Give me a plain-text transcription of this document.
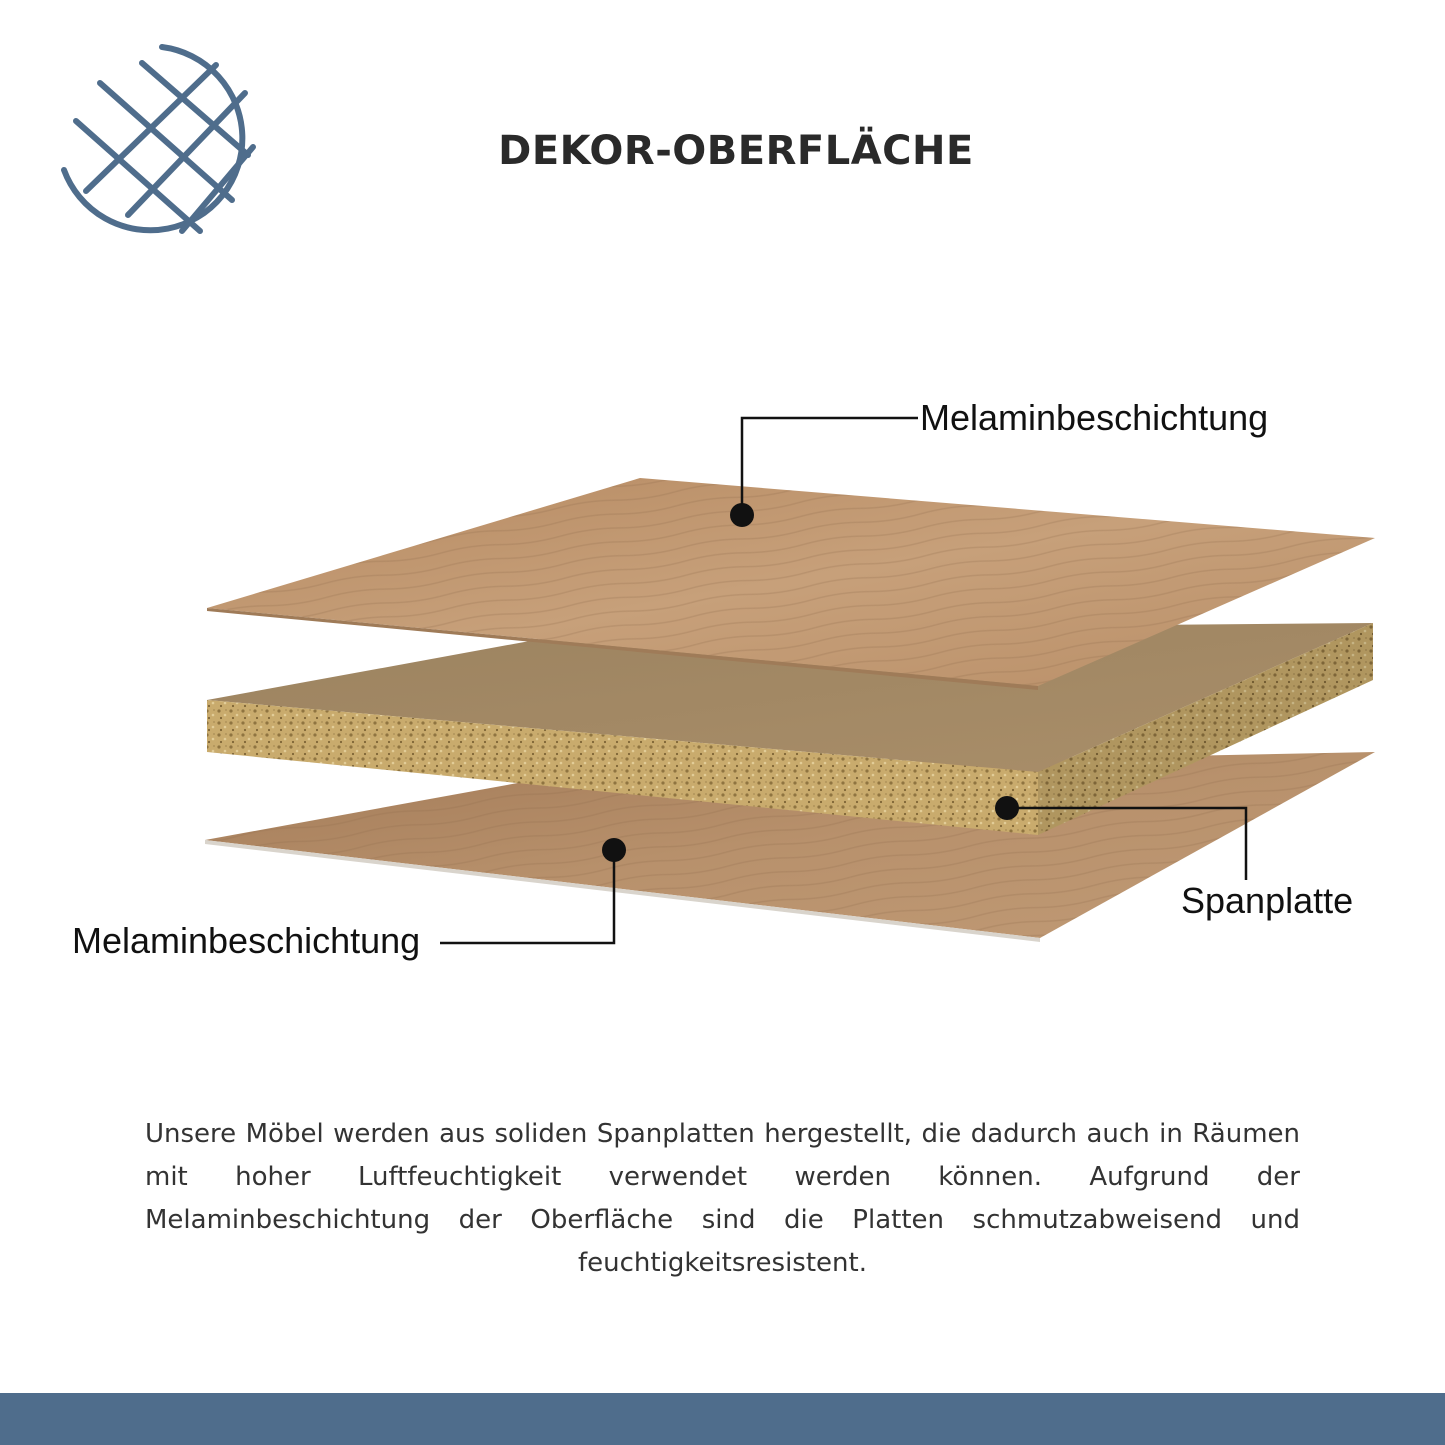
DEKOR-OBERFLÄCHE
Melaminbeschichtung
Spanplatte
Melaminbeschichtung
Unsere Möbel werden aus soliden Spanplatten hergestellt, die dadurch auch in Räumen mit hoher Luftfeuchtigkeit verwendet werden können. Aufgrund der Melaminbeschichtung der Oberfläche sind die Platten schmutzabweisend und feuchtigkeitsresistent.
